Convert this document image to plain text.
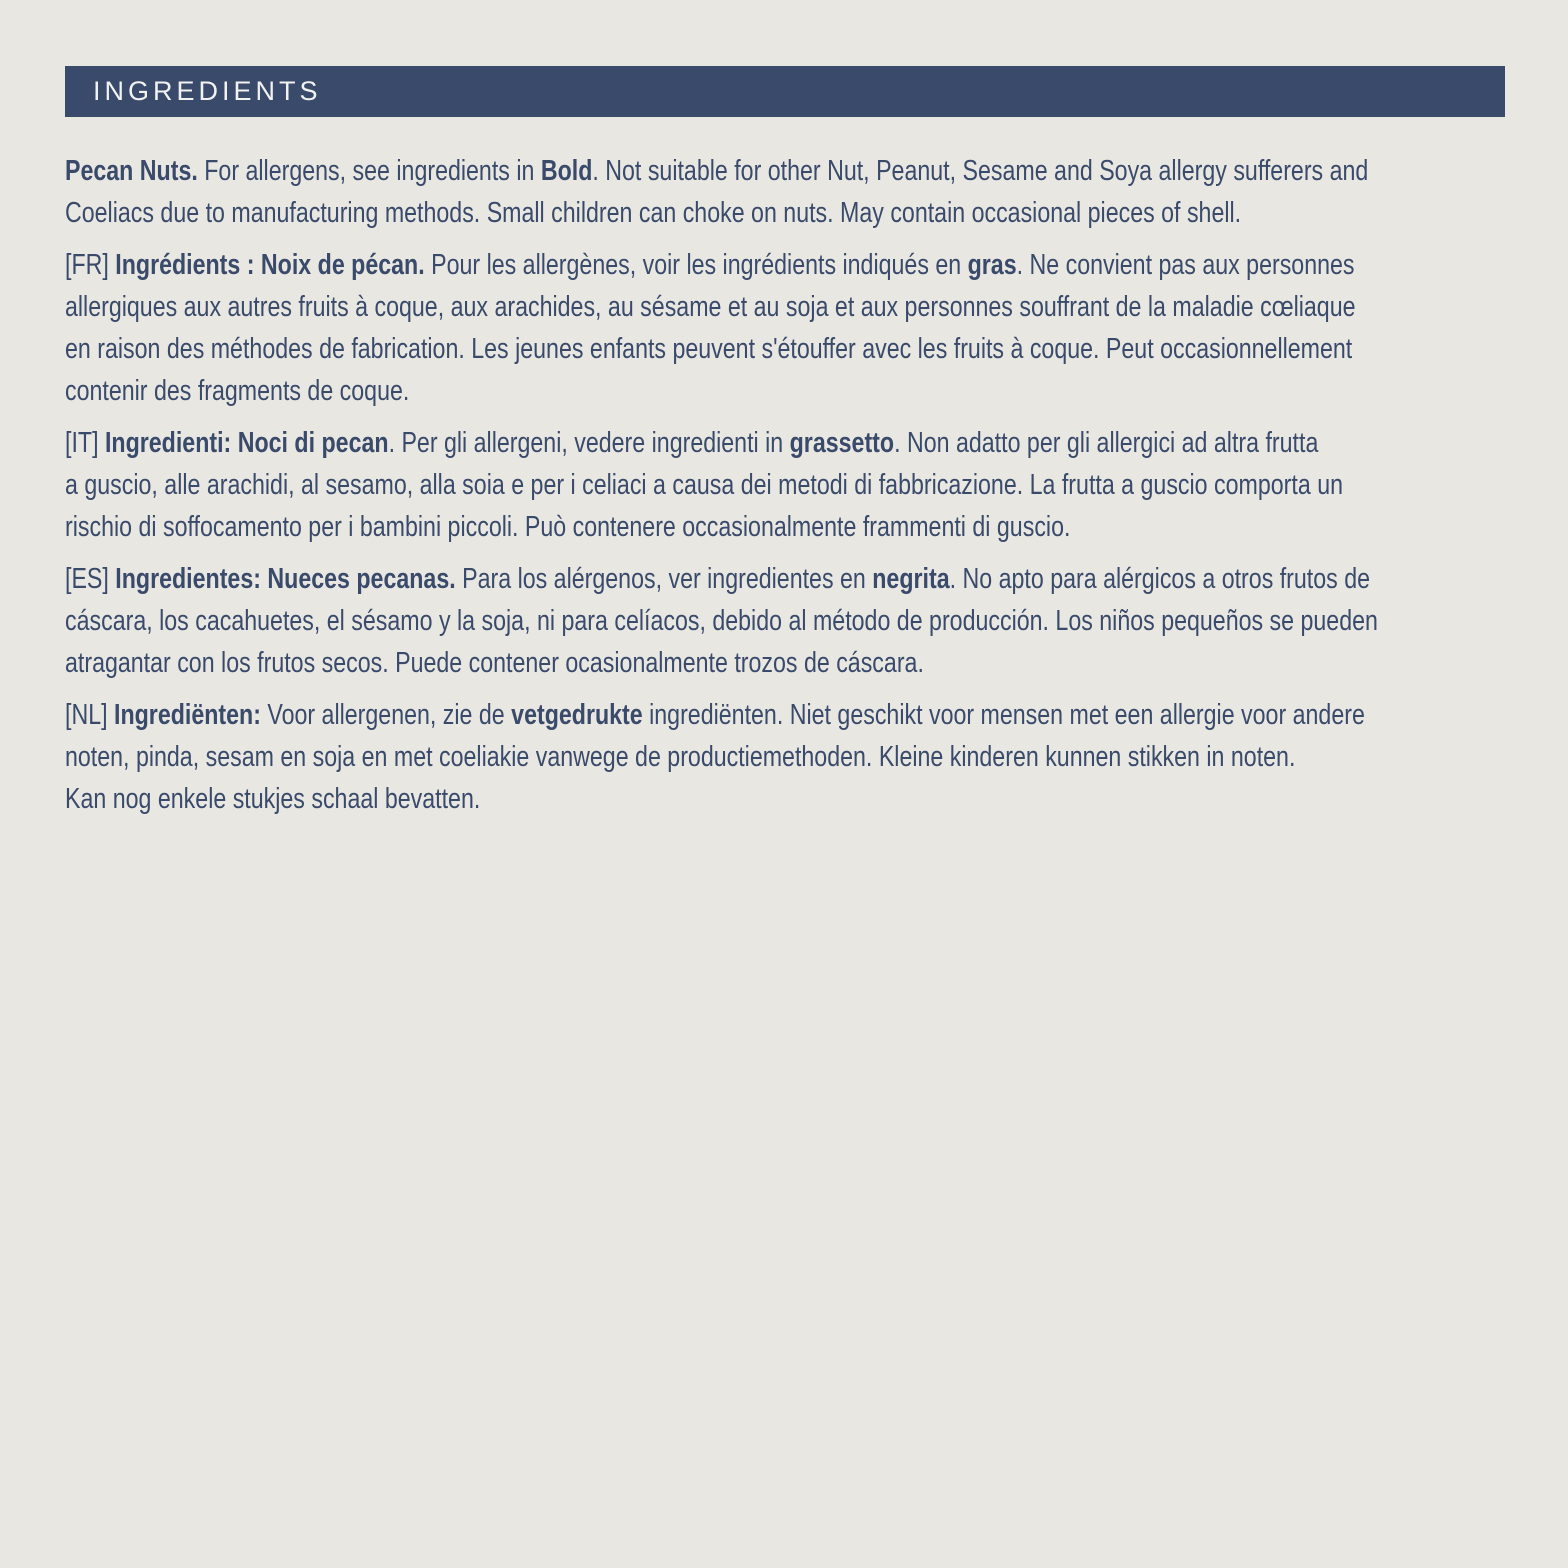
INGREDIENTS

Pecan Nuts. For allergens, see ingredients in Bold. Not suitable for other Nut, Peanut, Sesame and Soya allergy sufferers and
Coeliacs due to manufacturing methods. Small children can choke on nuts. May contain occasional pieces of shell.

[FR] Ingrédients : Noix de pécan. Pour les allergènes, voir les ingrédients indiqués en gras. Ne convient pas aux personnes
allergiques aux autres fruits à coque, aux arachides, au sésame et au soja et aux personnes souffrant de la maladie cœliaque
en raison des méthodes de fabrication. Les jeunes enfants peuvent s'étouffer avec les fruits à coque. Peut occasionnellement
contenir des fragments de coque.

[IT] Ingredienti: Noci di pecan. Per gli allergeni, vedere ingredienti in grassetto. Non adatto per gli allergici ad altra frutta
a guscio, alle arachidi, al sesamo, alla soia e per i celiaci a causa dei metodi di fabbricazione. La frutta a guscio comporta un
rischio di soffocamento per i bambini piccoli. Può contenere occasionalmente frammenti di guscio.

[ES] Ingredientes: Nueces pecanas. Para los alérgenos, ver ingredientes en negrita. No apto para alérgicos a otros frutos de
cáscara, los cacahuetes, el sésamo y la soja, ni para celíacos, debido al método de producción. Los niños pequeños se pueden
atragantar con los frutos secos. Puede contener ocasionalmente trozos de cáscara.

[NL] Ingrediënten: Voor allergenen, zie de vetgedrukte ingrediënten. Niet geschikt voor mensen met een allergie voor andere
noten, pinda, sesam en soja en met coeliakie vanwege de productiemethoden. Kleine kinderen kunnen stikken in noten.
Kan nog enkele stukjes schaal bevatten.
